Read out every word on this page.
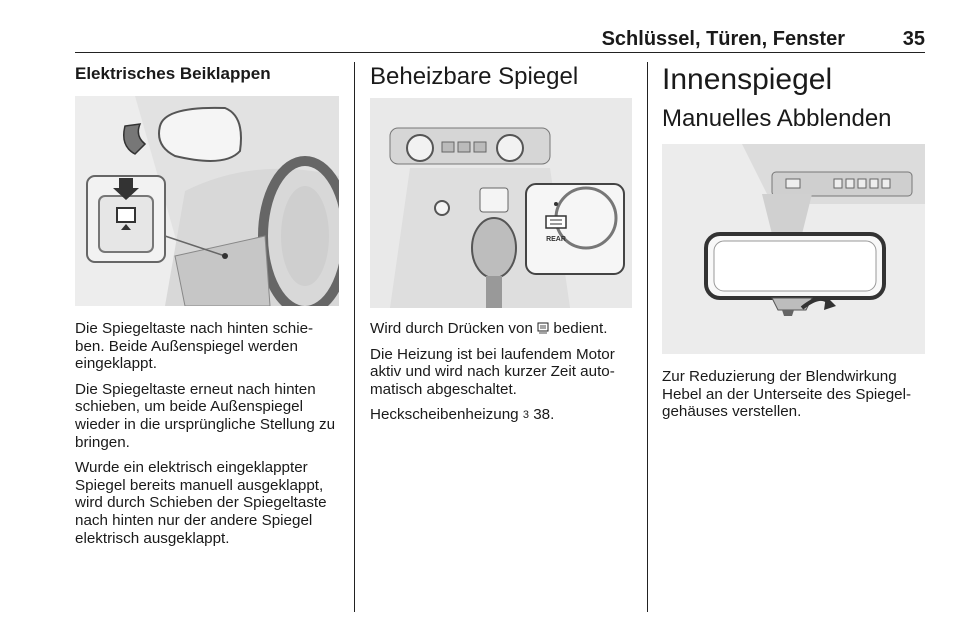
Schlüssel, Türen, Fenster	35
Elektrisches Beiklappen

Die Spiegeltaste nach hinten schie-ben. Beide Außenspiegel werden eingeklappt.

Die Spiegeltaste erneut nach hinten schieben, um beide Außenspiegel wieder in die ursprüngliche Stellung zu bringen.

Wurde ein elektrisch eingeklappter Spiegel bereits manuell ausgeklappt, wird durch Schieben der Spiegeltaste nach hinten nur der andere Spiegel elektrisch ausgeklappt.

Beheizbare Spiegel
REAR

Wird durch Drücken von bedient.

Die Heizung ist bei laufendem Motor aktiv und wird nach kurzer Zeit auto-matisch abgeschaltet.

Heckscheibenheizung 3 38.

Innenspiegel
Manuelles Abblenden

Zur Reduzierung der Blendwirkung Hebel an der Unterseite des Spiegel-gehäuses verstellen.
